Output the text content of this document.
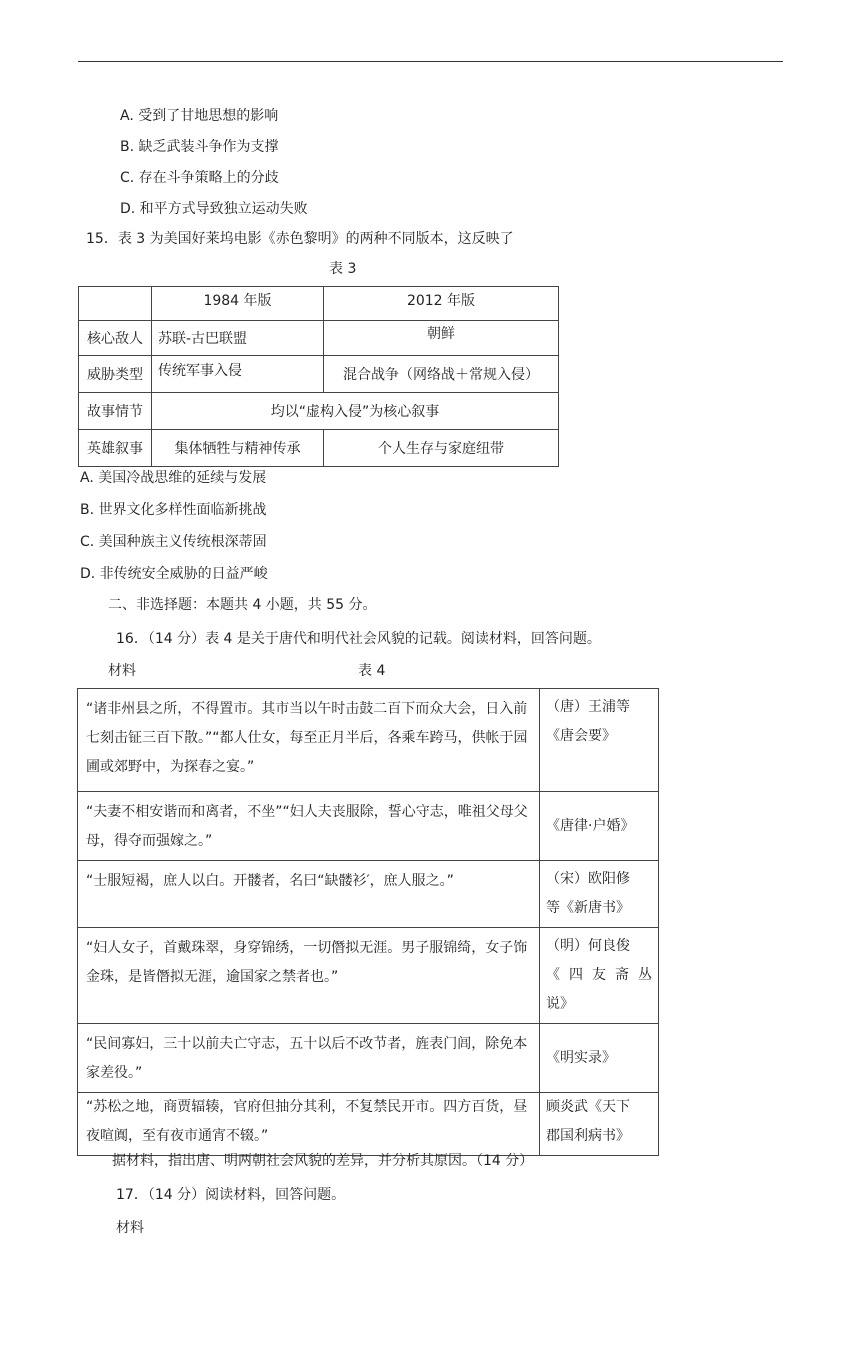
A. 受到了甘地思想的影响
B. 缺乏武装斗争作为支撑
C. 存在斗争策略上的分歧
D. 和平方式导致独立运动失败
15．表 3 为美国好莱坞电影《赤色黎明》的两种不同版本，这反映了
表 3
	1984 年版	2012 年版
核心敌人	苏联-古巴联盟	朝鲜
威胁类型	传统军事入侵	混合战争（网络战＋常规入侵）
故事情节	均以“虚构入侵”为核心叙事	
英雄叙事	集体牺牲与精神传承	个人生存与家庭纽带
A. 美国冷战思维的延续与发展
B. 世界文化多样性面临新挑战
C. 美国种族主义传统根深蒂固
D. 非传统安全威胁的日益严峻
二、非选择题：本题共 4 小题，共 55 分。
16．（14 分）表 4 是关于唐代和明代社会风貌的记载。阅读材料，回答问题。
材料	表 4
“诸非州县之所，不得置市。其市当以午时击鼓二百下而众大会，日入前七刻击钲三百下散。”“都人仕女，每至正月半后，各乘车跨马，供帐于园圃或郊野中，为探春之宴。”	（唐）王浦等
《唐会要》

“夫妻不相安谐而和离者，不坐”“妇人夫丧服除，誓心守志，唯祖父母父母，得夺而强嫁之。”	《唐律·户婚》

“士服短褐，庶人以白。开髅者，名曰“缺髅衫′，庶人服之。”	（宋）欧阳修
等《新唐书》

“妇人女子，首戴珠翠，身穿锦绣，一切僭拟无涯。男子服锦绮，女子饰金珠，是皆僭拟无涯，逾国家之禁者也。”	（明）何良俊
《四友斋丛
说》

“民间寡妇，三十以前夫亡守志，五十以后不改节者，旌表门闾，除免本家差役。”	《明实录》

“苏松之地，商贾辐辏，官府但抽分其利，不复禁民开市。四方百货，昼夜喧阗，至有夜市通宵不辍。”	顾炎武《天下
郡国利病书》
据材料，指出唐、明两朝社会风貌的差异，并分析其原因。（14 分）
17．（14 分）阅读材料，回答问题。
材料
